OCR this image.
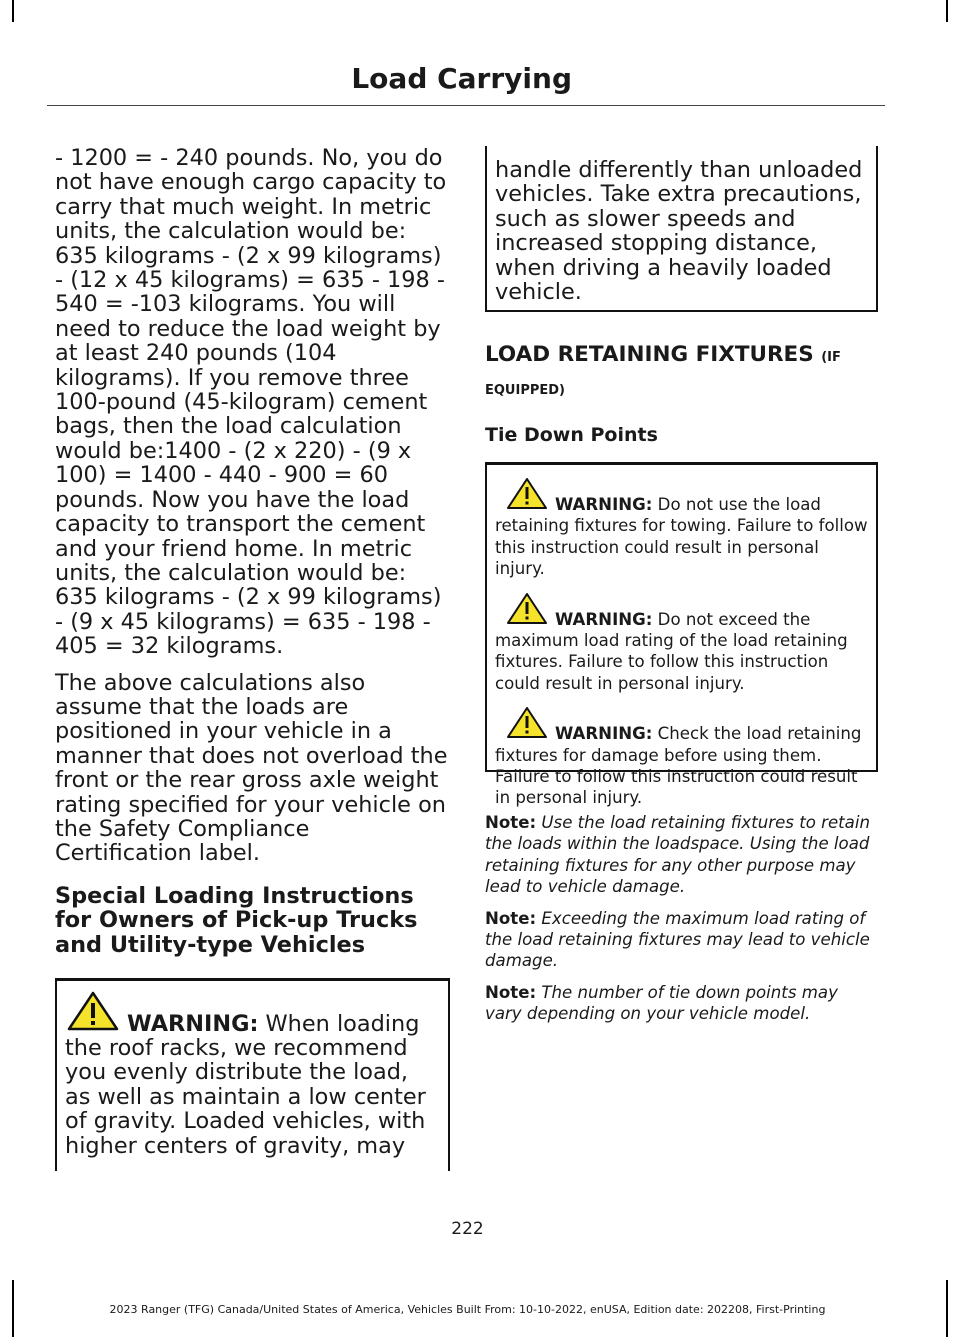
Load Carrying

- 1200 = - 240 pounds. No, you do not have enough cargo capacity to carry that much weight. In metric units, the calculation would be: 635 kilograms - (2 x 99 kilograms) - (12 x 45 kilograms) = 635 - 198 - 540 = -103 kilograms. You will need to reduce the load weight by at least 240 pounds (104 kilograms). If you remove three 100-pound (45-kilogram) cement bags, then the load calculation would be:1400 - (2 x 220) - (9 x 100) = 1400 - 440 - 900 = 60 pounds. Now you have the load capacity to transport the cement and your friend home. In metric units, the calculation would be: 635 kilograms - (2 x 99 kilograms) - (9 x 45 kilograms) = 635 - 198 - 405 = 32 kilograms.

The above calculations also assume that the loads are positioned in your vehicle in a manner that does not overload the front or the rear gross axle weight rating specified for your vehicle on the Safety Compliance Certification label.

Special Loading Instructions for Owners of Pick-up Trucks and Utility-type Vehicles
WARNING: When loading the roof racks, we recommend you evenly distribute the load, as well as maintain a low center of gravity. Loaded vehicles, with higher centers of gravity, may
handle differently than unloaded vehicles. Take extra precautions, such as slower speeds and increased stopping distance, when driving a heavily loaded vehicle.
LOAD RETAINING FIXTURES (IF
EQUIPPED)
Tie Down Points
WARNING: Do not use the load retaining fixtures for towing. Failure to follow this instruction could result in personal injury.
WARNING: Do not exceed the maximum load rating of the load retaining fixtures. Failure to follow this instruction could result in personal injury.
WARNING: Check the load retaining fixtures for damage before using them. Failure to follow this instruction could result in personal injury.

Note: Use the load retaining fixtures to retain the loads within the loadspace. Using the load retaining fixtures for any other purpose may lead to vehicle damage.

Note: Exceeding the maximum load rating of the load retaining fixtures may lead to vehicle damage.

Note: The number of tie down points may vary depending on your vehicle model.

222
2023 Ranger (TFG) Canada/United States of America, Vehicles Built From: 10-10-2022, enUSA, Edition date: 202208, First-Printing
